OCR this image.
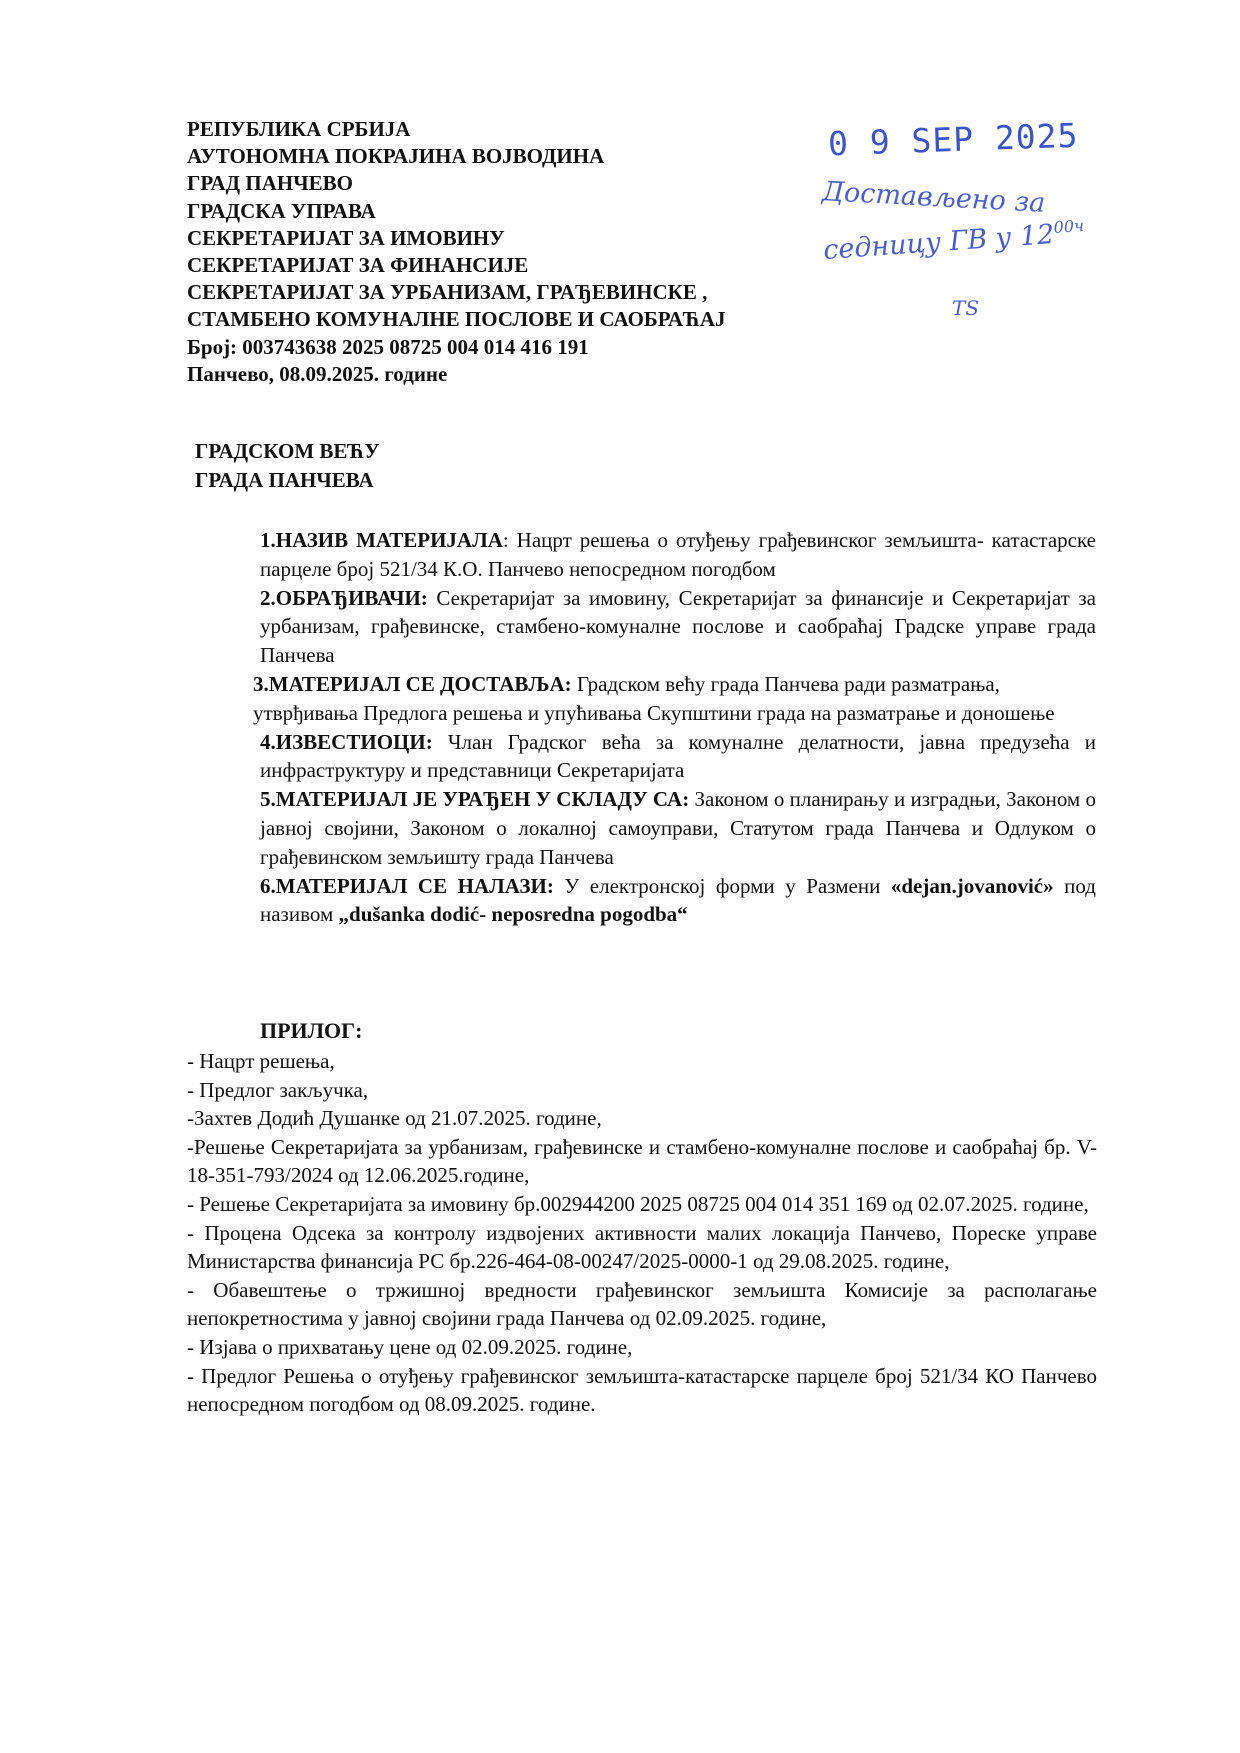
РЕПУБЛИКА СРБИЈА
АУТОНОМНА ПОКРАЈИНА ВОЈВОДИНА
ГРАД ПАНЧЕВО
ГРАДСКА УПРАВА
СЕКРЕТАРИЈАТ ЗА ИМОВИНУ
СЕКРЕТАРИЈАТ ЗА ФИНАНСИЈЕ
СЕКРЕТАРИЈАТ ЗА УРБАНИЗАМ, ГРАЂЕВИНСКЕ ,
СТАМБЕНО КОМУНАЛНЕ ПОСЛОВЕ И САОБРАЋАЈ
Број: 003743638 2025 08725 004 014 416 191
Панчево, 08.09.2025. године
0 9 SEP 2025
Достављено за
седницу ГВ у $12^{00ч}$
ТS
ГРАДСКОМ ВЕЋУ
ГРАДА ПАНЧЕВА

1.НАЗИВ МАТЕРИЈАЛА: Нацрт решења о отуђењу грађевинског земљишта- катастарске парцеле број 521/34 К.О. Панчево непосредном погодбом

2.ОБРАЂИВАЧИ: Секретаријат за имовину, Секретаријат за финансије и Секретаријат за урбанизам, грађевинске, стамбено-комуналне послове и саобраћај Градске управе града Панчева

3.МАТЕРИЈАЛ СЕ ДОСТАВЉА: Градском већу града Панчева ради разматрања, утврђивања Предлога решења и упућивања Скупштини града на разматрање и доношење

4.ИЗВЕСТИОЦИ: Члан Градског већа за комуналне делатности, јавна предузећа и инфраструктуру и представници Секретаријата

5.МАТЕРИЈАЛ ЈЕ УРАЂЕН У СКЛАДУ СА: Законом о планирању и изградњи, Законом о јавној својини, Законом о локалној самоуправи, Статутом града Панчева и Одлуком о грађевинском земљишту града Панчева

6.МАТЕРИЈАЛ СЕ НАЛАЗИ: У електронској форми у Размени «dejan.jovanović» под називом „dušanka dodić- neposredna pogodba“

ПРИЛОГ:
- Нацрт решења,
- Предлог закључка,
-Захтев Додић Душанке од 21.07.2025. године,
-Решење Секретаријата за урбанизам, грађевинске и стамбено-комуналне послове и саобраћај бр. V-18-351-793/2024 од 12.06.2025.године,
- Решење Секретаријата за имовину бр.002944200 2025 08725 004 014 351 169 од 02.07.2025. године,
- Процена Одсека за контролу издвојених активности малих локација Панчево, Пореске управе Министарства финансија РС бр.226-464-08-00247/2025-0000-1 од 29.08.2025. године,
- Обавештење о тржишној вредности грађевинског земљишта Комисије за располагање непокретностима у јавној својини града Панчева од 02.09.2025. године,
- Изјава о прихватању цене од 02.09.2025. године,
- Предлог Решења о отуђењу грађевинског земљишта-катастарске парцеле број 521/34 КО Панчево непосредном погодбом од 08.09.2025. године.
